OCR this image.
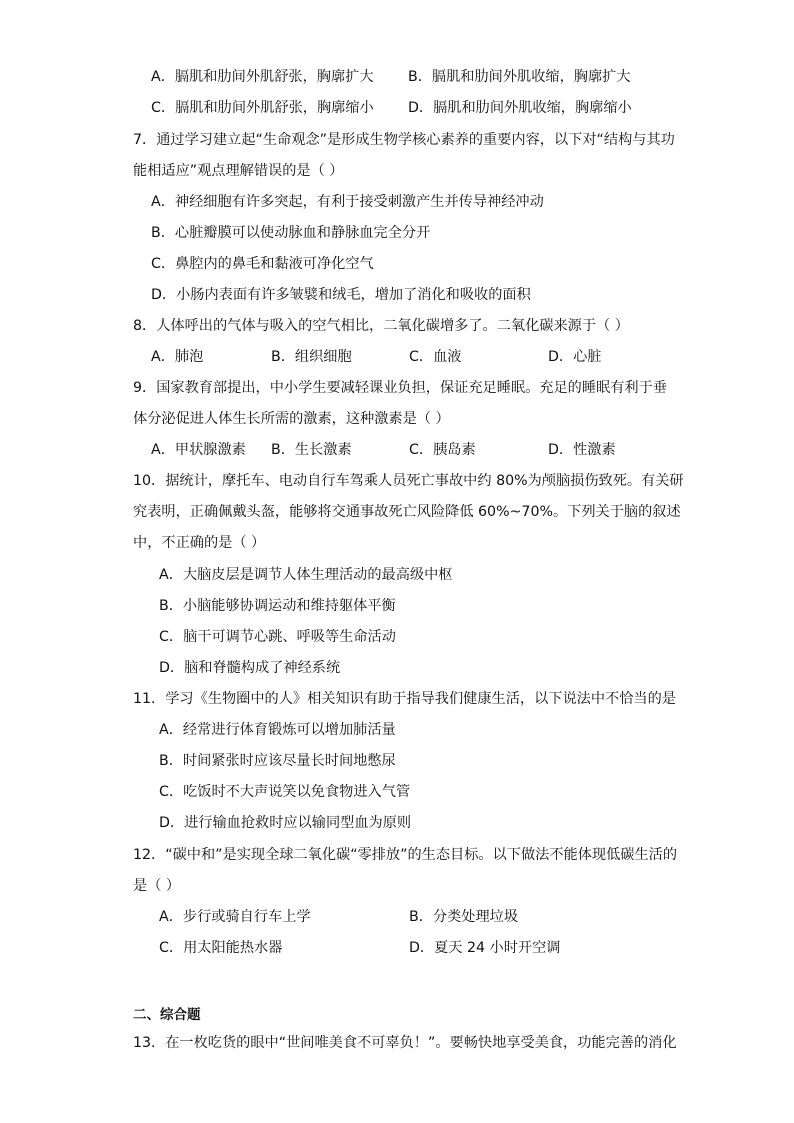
A．膈肌和肋间外肌舒张，胸廓扩大 B．膈肌和肋间外肌收缩，胸廓扩大
C．膈肌和肋间外肌舒张，胸廓缩小 D．膈肌和肋间外肌收缩，胸廓缩小
7．通过学习建立起“生命观念”是形成生物学核心素养的重要内容，以下对“结构与其功
能相适应”观点理解错误的是（ ）
A．神经细胞有许多突起，有利于接受刺激产生并传导神经冲动
B．心脏瓣膜可以使动脉血和静脉血完全分开
C．鼻腔内的鼻毛和黏液可净化空气
D．小肠内表面有许多皱襞和绒毛，增加了消化和吸收的面积
8．人体呼出的气体与吸入的空气相比，二氧化碳增多了。二氧化碳来源于（ ）
A．肺泡	B．组织细胞	C．血液	D．心脏
9．国家教育部提出，中小学生要减轻课业负担，保证充足睡眠。充足的睡眠有利于垂
体分泌促进人体生长所需的激素，这种激素是（ ）
A．甲状腺激素 B．生长激素	C．胰岛素	D．性激素
10．据统计，摩托车、电动自行车驾乘人员死亡事故中约 80%为颅脑损伤致死。有关研
究表明，正确佩戴头盔，能够将交通事故死亡风险降低 60%~70%。下列关于脑的叙述
中，不正确的是（ ）
A．大脑皮层是调节人体生理活动的最高级中枢
B．小脑能够协调运动和维持躯体平衡
C．脑干可调节心跳、呼吸等生命活动
D．脑和脊髓构成了神经系统
11．学习《生物圈中的人》相关知识有助于指导我们健康生活，以下说法中不恰当的是
A．经常进行体育锻炼可以增加肺活量
B．时间紧张时应该尽量长时间地憋尿
C．吃饭时不大声说笑以免食物进入气管
D．进行输血抢救时应以输同型血为原则
12．“碳中和”是实现全球二氧化碳“零排放”的生态目标。以下做法不能体现低碳生活的
是（ ）
A．步行或骑自行车上学	B．分类处理垃圾
C．用太阳能热水器	D．夏天 24 小时开空调
二、综合题
13．在一枚吃货的眼中“世间唯美食不可辜负！”。要畅快地享受美食，功能完善的消化
